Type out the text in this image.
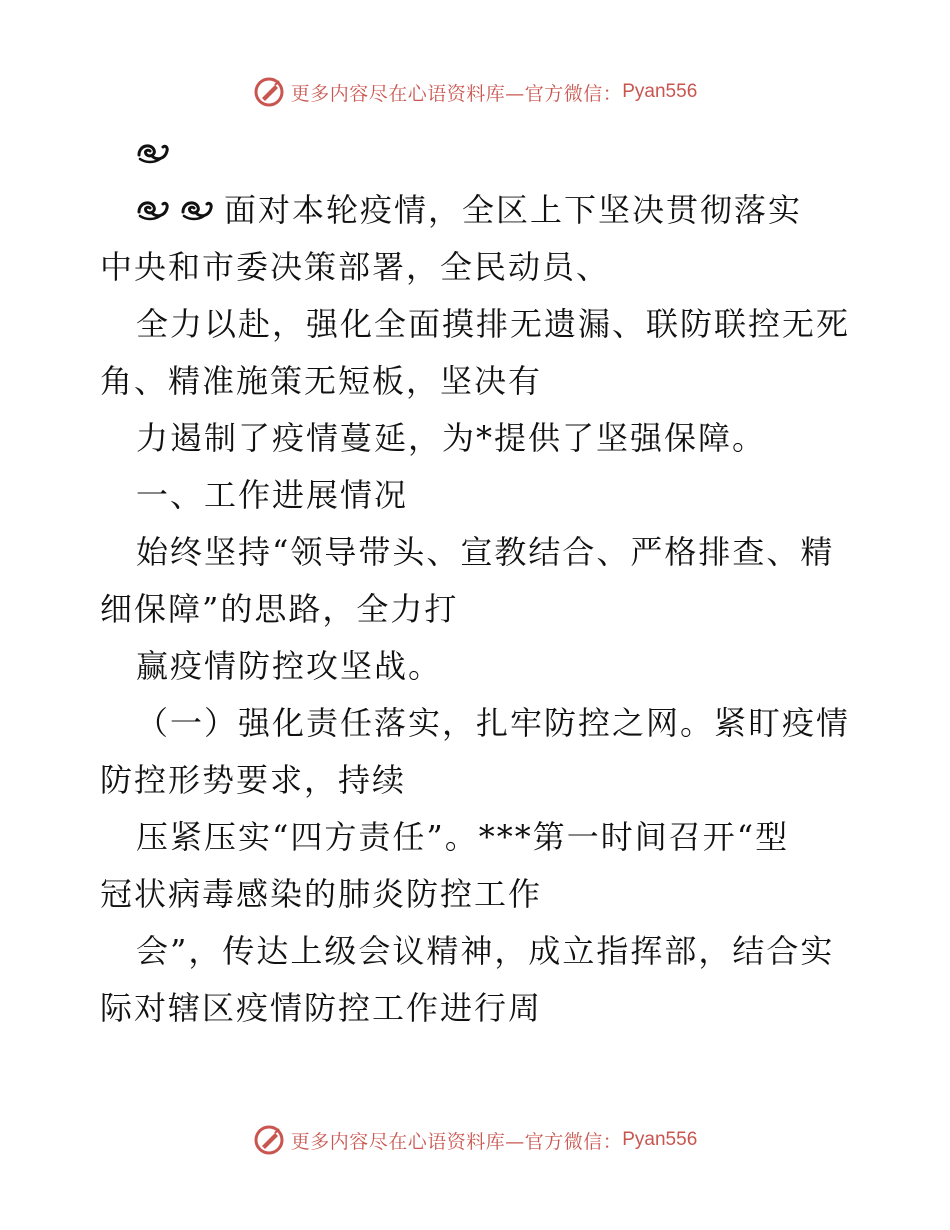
更多内容尽在心语资料库—官方微信： Pyan556
面对本轮疫情，全区上下坚决贯彻落实
中央和市委决策部署，全民动员、
全力以赴，强化全面摸排无遗漏、联防联控无死
角、精准施策无短板，坚决有
力遏制了疫情蔓延，为*提供了坚强保障。
一、工作进展情况
始终坚持“领导带头、宣教结合、严格排查、精
细保障”的思路，全力打
赢疫情防控攻坚战。
（一）强化责任落实，扎牢防控之网。紧盯疫情
防控形势要求，持续
压紧压实“四方责任”。***第一时间召开“型
冠状病毒感染的肺炎防控工作
会”，传达上级会议精神，成立指挥部，结合实
际对辖区疫情防控工作进行周
更多内容尽在心语资料库—官方微信： Pyan556
